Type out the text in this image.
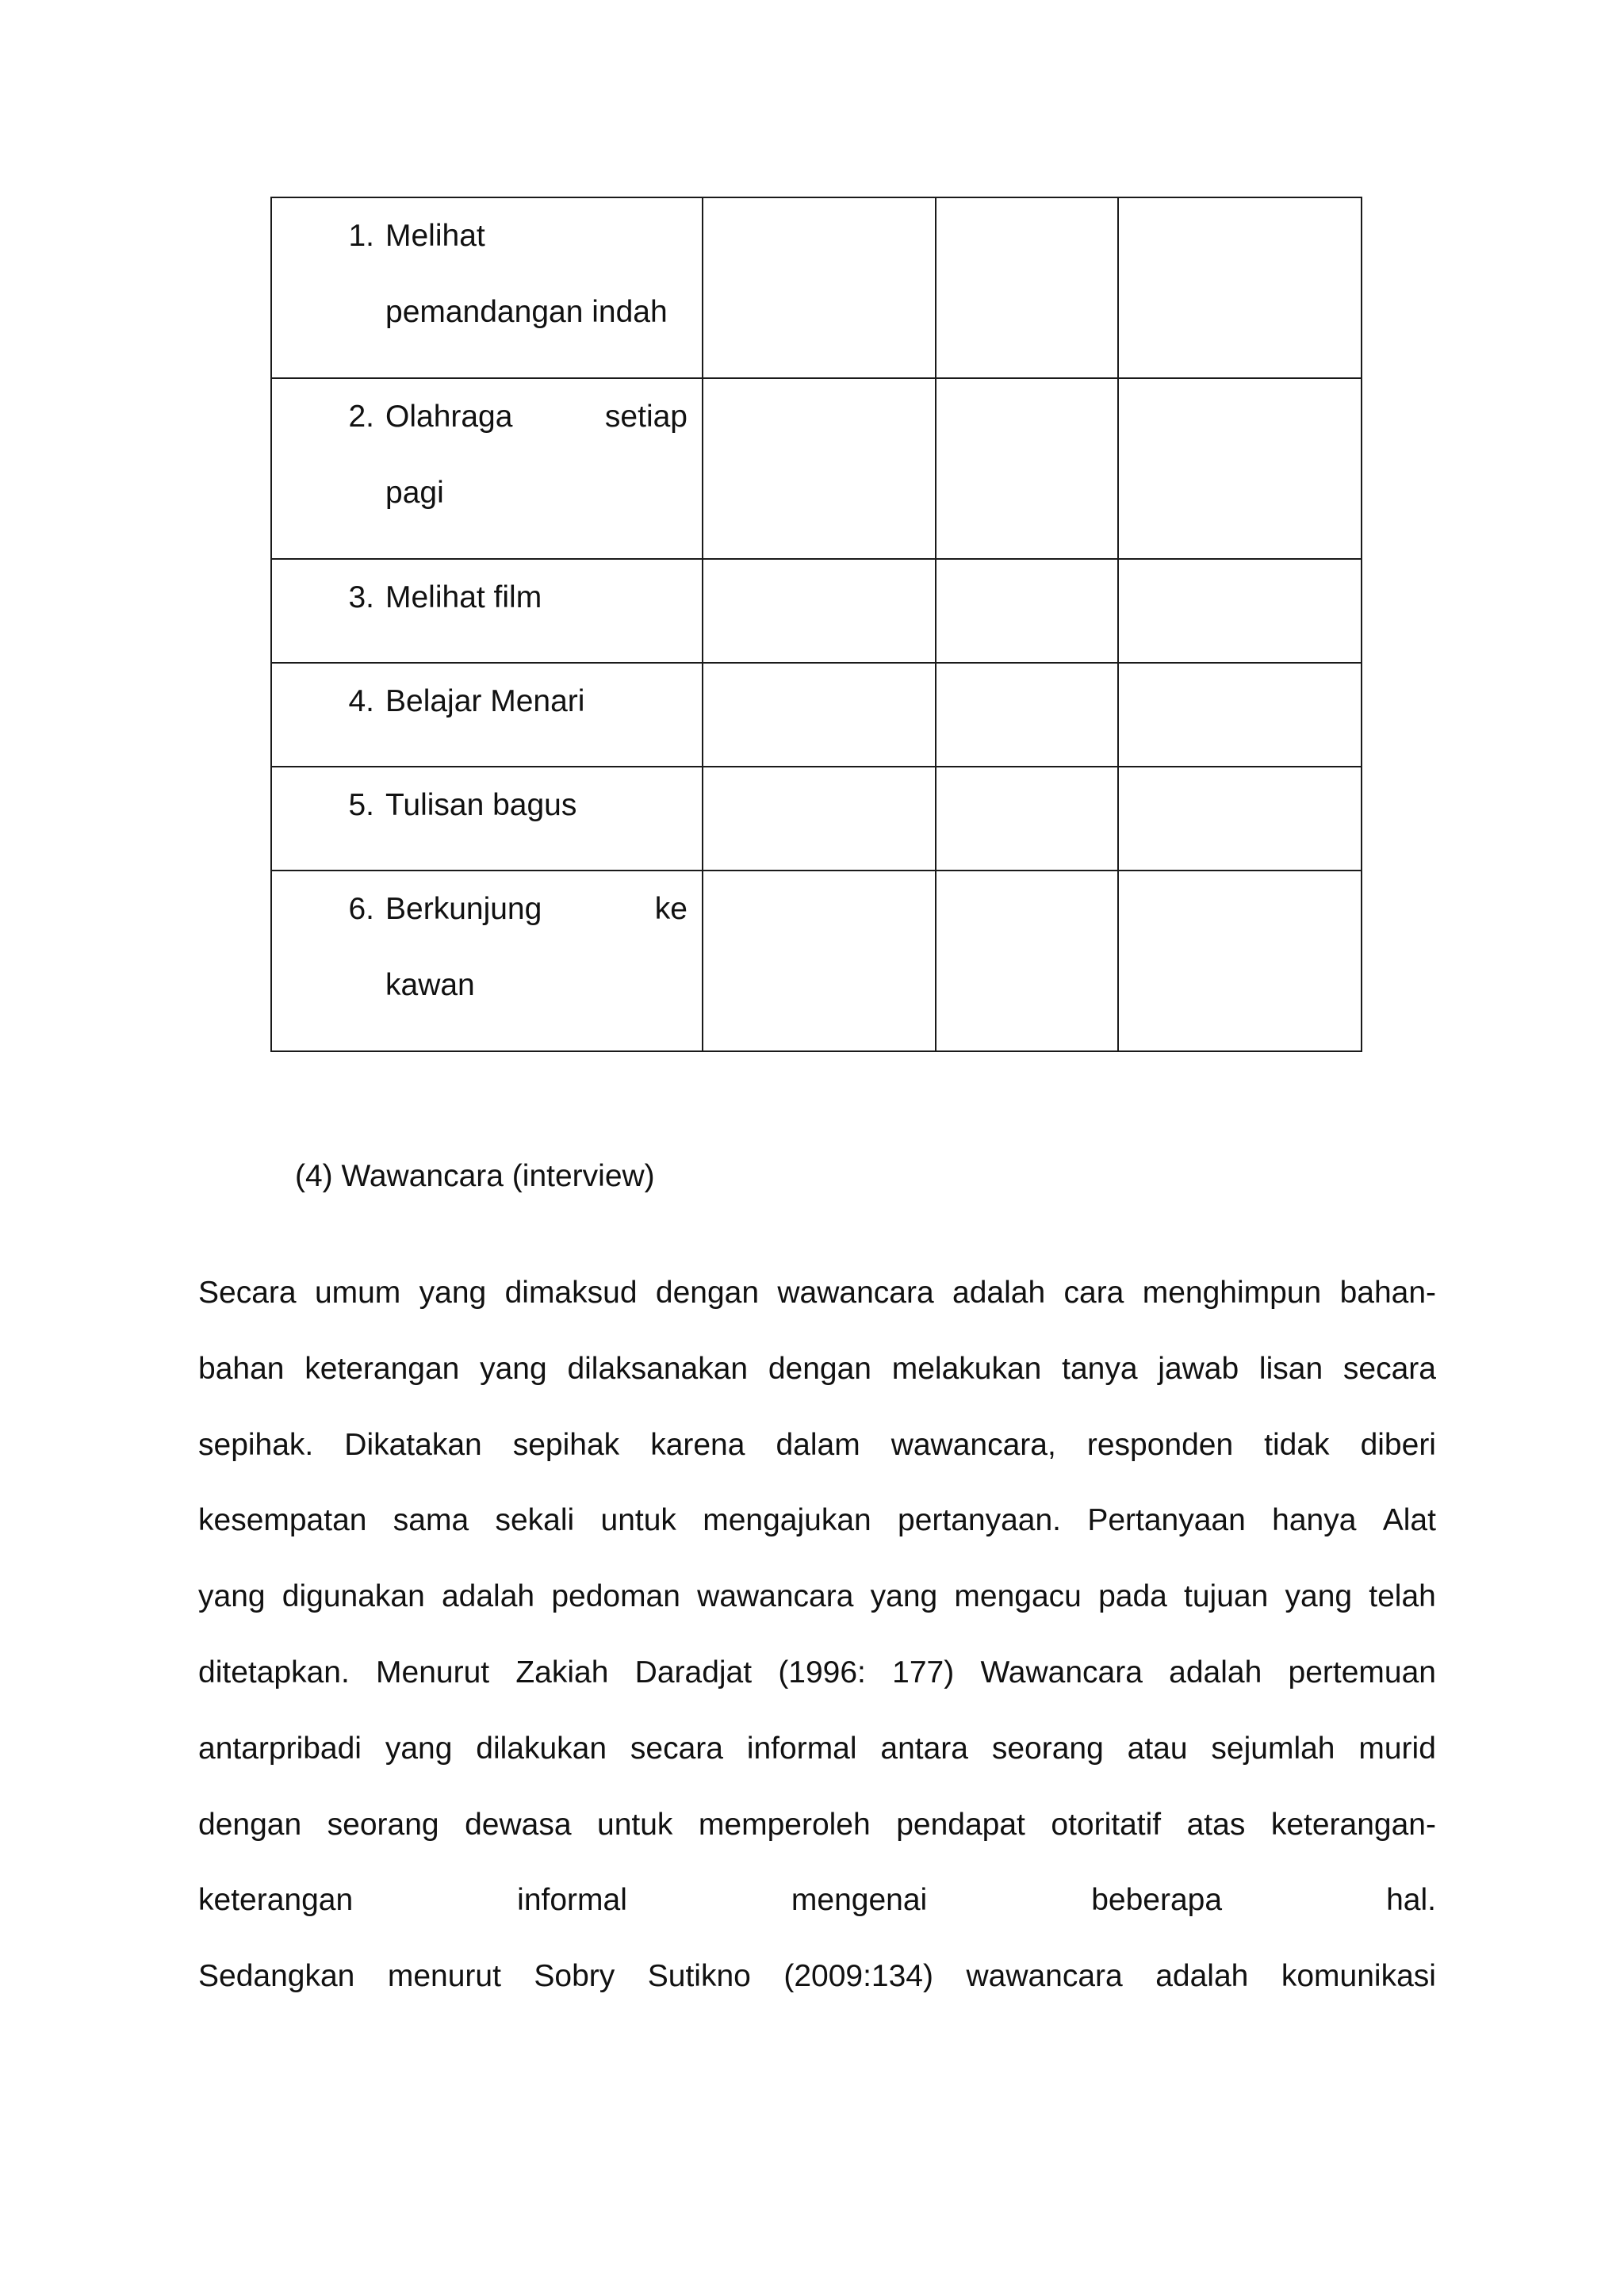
1. Melihat
pemandangan indah			

2. Olahraga setiap
pagi			

3. Melihat film			

4. Belajar Menari			

5. Tulisan bagus			

6. Berkunjung ke
kawan			

(4) Wawancara (interview)
Secara umum yang dimaksud dengan wawancara adalah cara menghimpun bahan-
bahan keterangan yang dilaksanakan dengan melakukan tanya jawab lisan secara
sepihak. Dikatakan sepihak karena dalam wawancara, responden tidak diberi
kesempatan sama sekali untuk mengajukan pertanyaan. Pertanyaan hanya Alat
yang digunakan adalah pedoman wawancara yang mengacu pada tujuan yang telah
ditetapkan. Menurut Zakiah Daradjat (1996: 177) Wawancara adalah pertemuan
antarpribadi yang dilakukan secara informal antara seorang atau sejumlah murid
dengan seorang dewasa untuk memperoleh pendapat otoritatif atas keterangan-
keterangan	informal	mengenai	beberapa	hal.
Sedangkan menurut Sobry Sutikno (2009:134) wawancara adalah komunikasi
